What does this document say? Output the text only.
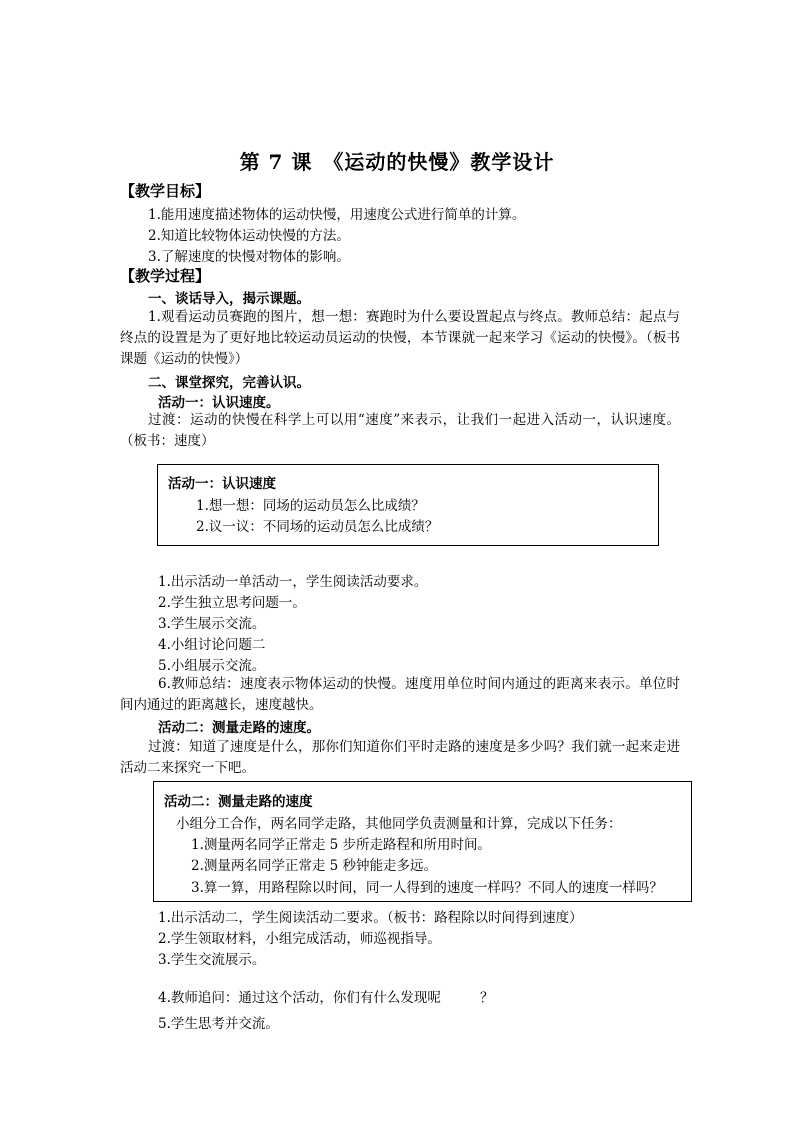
第 7 课　《运动的快慢》教学设计
【教学目标】
1.能用速度描述物体的运动快慢，用速度公式进行简单的计算。
2.知道比较物体运动快慢的方法。
3.了解速度的快慢对物体的影响。
【教学过程】
一、谈话导入，揭示课题。
1.观看运动员赛跑的图片，想一想：赛跑时为什么要设置起点与终点。教师总结：起点与终点的设置是为了更好地比较运动员运动的快慢，本节课就一起来学习《运动的快慢》。（板书课题《运动的快慢》）
二、课堂探究，完善认识。
活动一：认识速度。
过渡：运动的快慢在科学上可以用“速度”来表示，让我们一起进入活动一，认识速度。（板书：速度）
活动一：认识速度
1.想一想：同场的运动员怎么比成绩？
2.议一议：不同场的运动员怎么比成绩？
1.出示活动一单活动一，学生阅读活动要求。
2.学生独立思考问题一。
3.学生展示交流。
4.小组讨论问题二
5.小组展示交流。
6.教师总结：速度表示物体运动的快慢。速度用单位时间内通过的距离来表示。单位时间内通过的距离越长，速度越快。
活动二：测量走路的速度。
过渡：知道了速度是什么，那你们知道你们平时走路的速度是多少吗？我们就一起来走进活动二来探究一下吧。
活动二：测量走路的速度
小组分工合作，两名同学走路，其他同学负责测量和计算，完成以下任务：
1.测量两名同学正常走 5 步所走路程和所用时间。
2.测量两名同学正常走 5 秒钟能走多远。
3.算一算，用路程除以时间，同一人得到的速度一样吗？不同人的速度一样吗？
1.出示活动二，学生阅读活动二要求。（板书：路程除以时间得到速度）
2.学生领取材料，小组完成活动，师巡视指导。
3.学生交流展示。
4.教师追问：通过这个活动，你们有什么发现呢	？
5.学生思考并交流。
